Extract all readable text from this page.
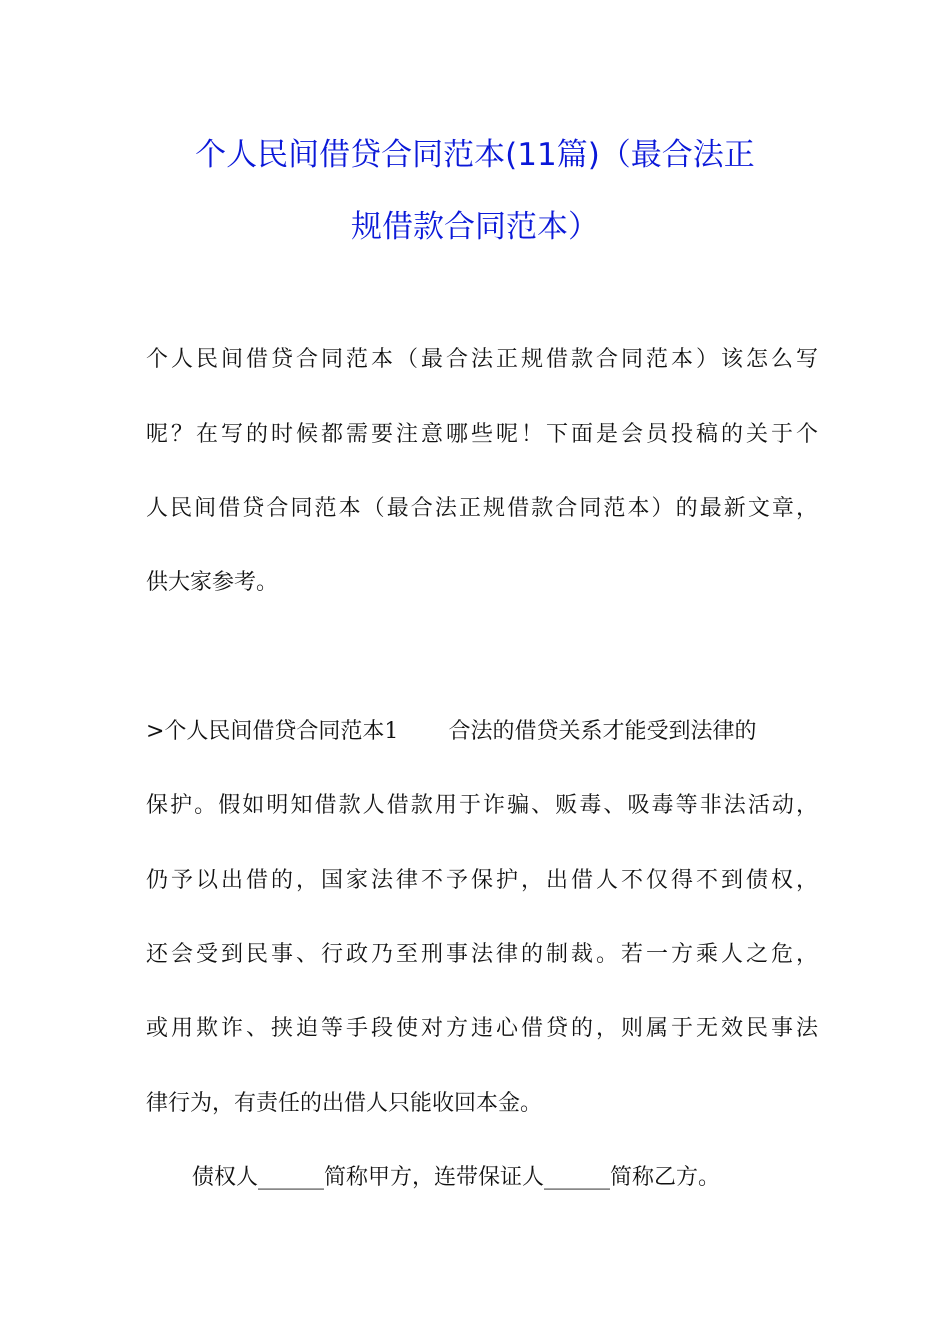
个人民间借贷合同范本(11篇)（最合法正
规借款合同范本）
个人民间借贷合同范本（最合法正规借款合同范本）该怎么写
呢？在写的时候都需要注意哪些呢！下面是会员投稿的关于个
人民间借贷合同范本（最合法正规借款合同范本）的最新文章，
供大家参考。
>个人民间借贷合同范本1 合法的借贷关系才能受到法律的
保护。假如明知借款人借款用于诈骗、贩毒、吸毒等非法活动，
仍予以出借的，国家法律不予保护，出借人不仅得不到债权，
还会受到民事、行政乃至刑事法律的制裁。若一方乘人之危，
或用欺诈、挟迫等手段使对方违心借贷的，则属于无效民事法
律行为，有责任的出借人只能收回本金。
债权人______简称甲方，连带保证人______简称乙方。
